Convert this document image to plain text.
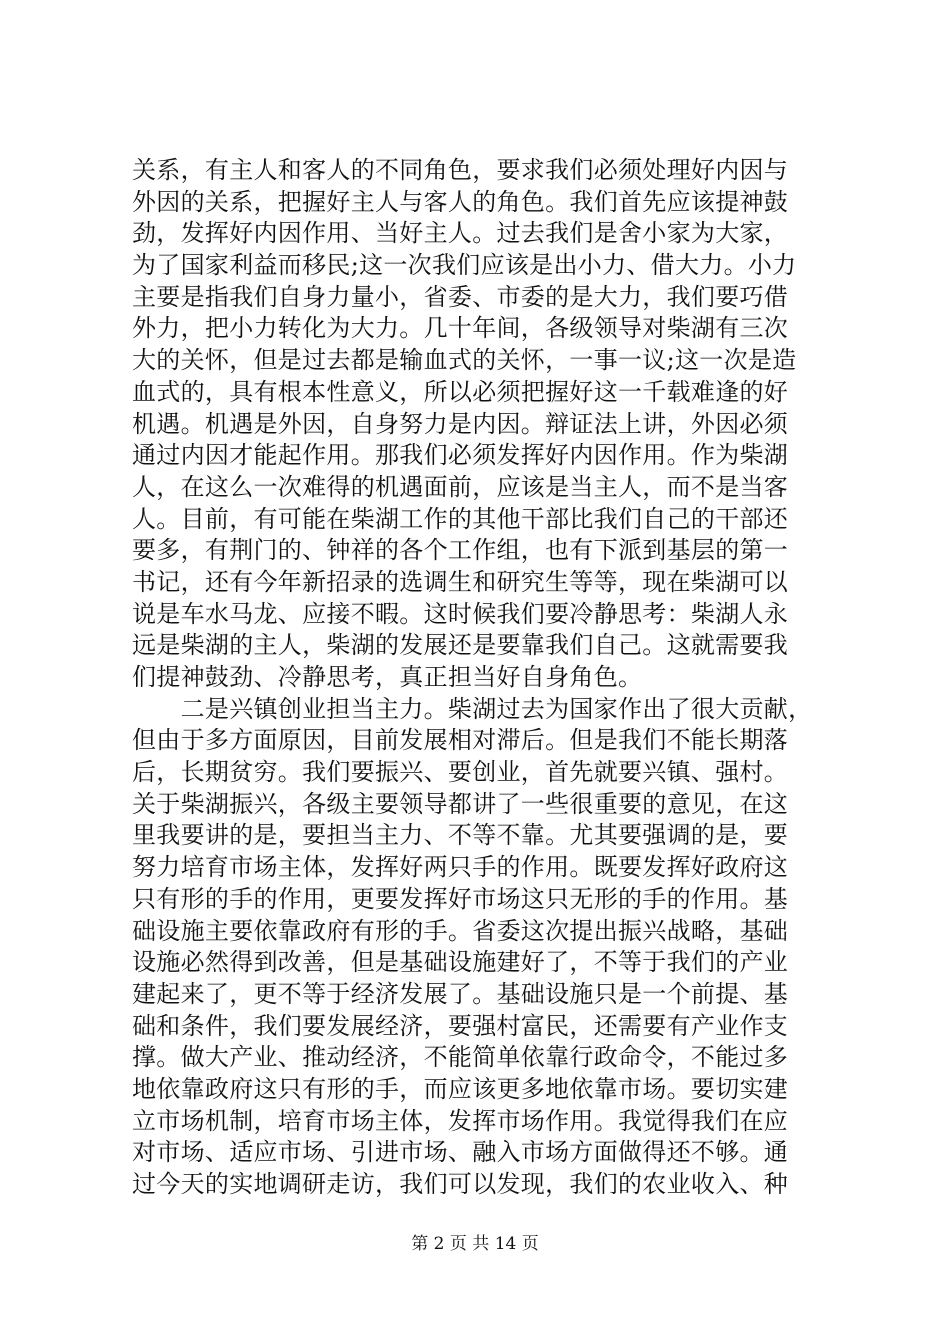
关系，有主人和客人的不同角色，要求我们必须处理好内因与
外因的关系，把握好主人与客人的角色。我们首先应该提神鼓
劲，发挥好内因作用、当好主人。过去我们是舍小家为大家，
为了国家利益而移民;这一次我们应该是出小力、借大力。小力
主要是指我们自身力量小，省委、市委的是大力，我们要巧借
外力，把小力转化为大力。几十年间，各级领导对柴湖有三次
大的关怀，但是过去都是输血式的关怀，一事一议;这一次是造
血式的，具有根本性意义，所以必须把握好这一千载难逢的好
机遇。机遇是外因，自身努力是内因。辩证法上讲，外因必须
通过内因才能起作用。那我们必须发挥好内因作用。作为柴湖
人，在这么一次难得的机遇面前，应该是当主人，而不是当客
人。目前，有可能在柴湖工作的其他干部比我们自己的干部还
要多，有荆门的、钟祥的各个工作组，也有下派到基层的第一
书记，还有今年新招录的选调生和研究生等等，现在柴湖可以
说是车水马龙、应接不暇。这时候我们要冷静思考：柴湖人永
远是柴湖的主人，柴湖的发展还是要靠我们自己。这就需要我
们提神鼓劲、冷静思考，真正担当好自身角色。
　　二是兴镇创业担当主力。柴湖过去为国家作出了很大贡献，
但由于多方面原因，目前发展相对滞后。但是我们不能长期落
后，长期贫穷。我们要振兴、要创业，首先就要兴镇、强村。
关于柴湖振兴，各级主要领导都讲了一些很重要的意见，在这
里我要讲的是，要担当主力、不等不靠。尤其要强调的是，要
努力培育市场主体，发挥好两只手的作用。既要发挥好政府这
只有形的手的作用，更要发挥好市场这只无形的手的作用。基
础设施主要依靠政府有形的手。省委这次提出振兴战略，基础
设施必然得到改善，但是基础设施建好了，不等于我们的产业
建起来了，更不等于经济发展了。基础设施只是一个前提、基
础和条件，我们要发展经济，要强村富民，还需要有产业作支
撑。做大产业、推动经济，不能简单依靠行政命令，不能过多
地依靠政府这只有形的手，而应该更多地依靠市场。要切实建
立市场机制，培育市场主体，发挥市场作用。我觉得我们在应
对市场、适应市场、引进市场、融入市场方面做得还不够。通
过今天的实地调研走访，我们可以发现，我们的农业收入、种
第 2 页 共 14 页
